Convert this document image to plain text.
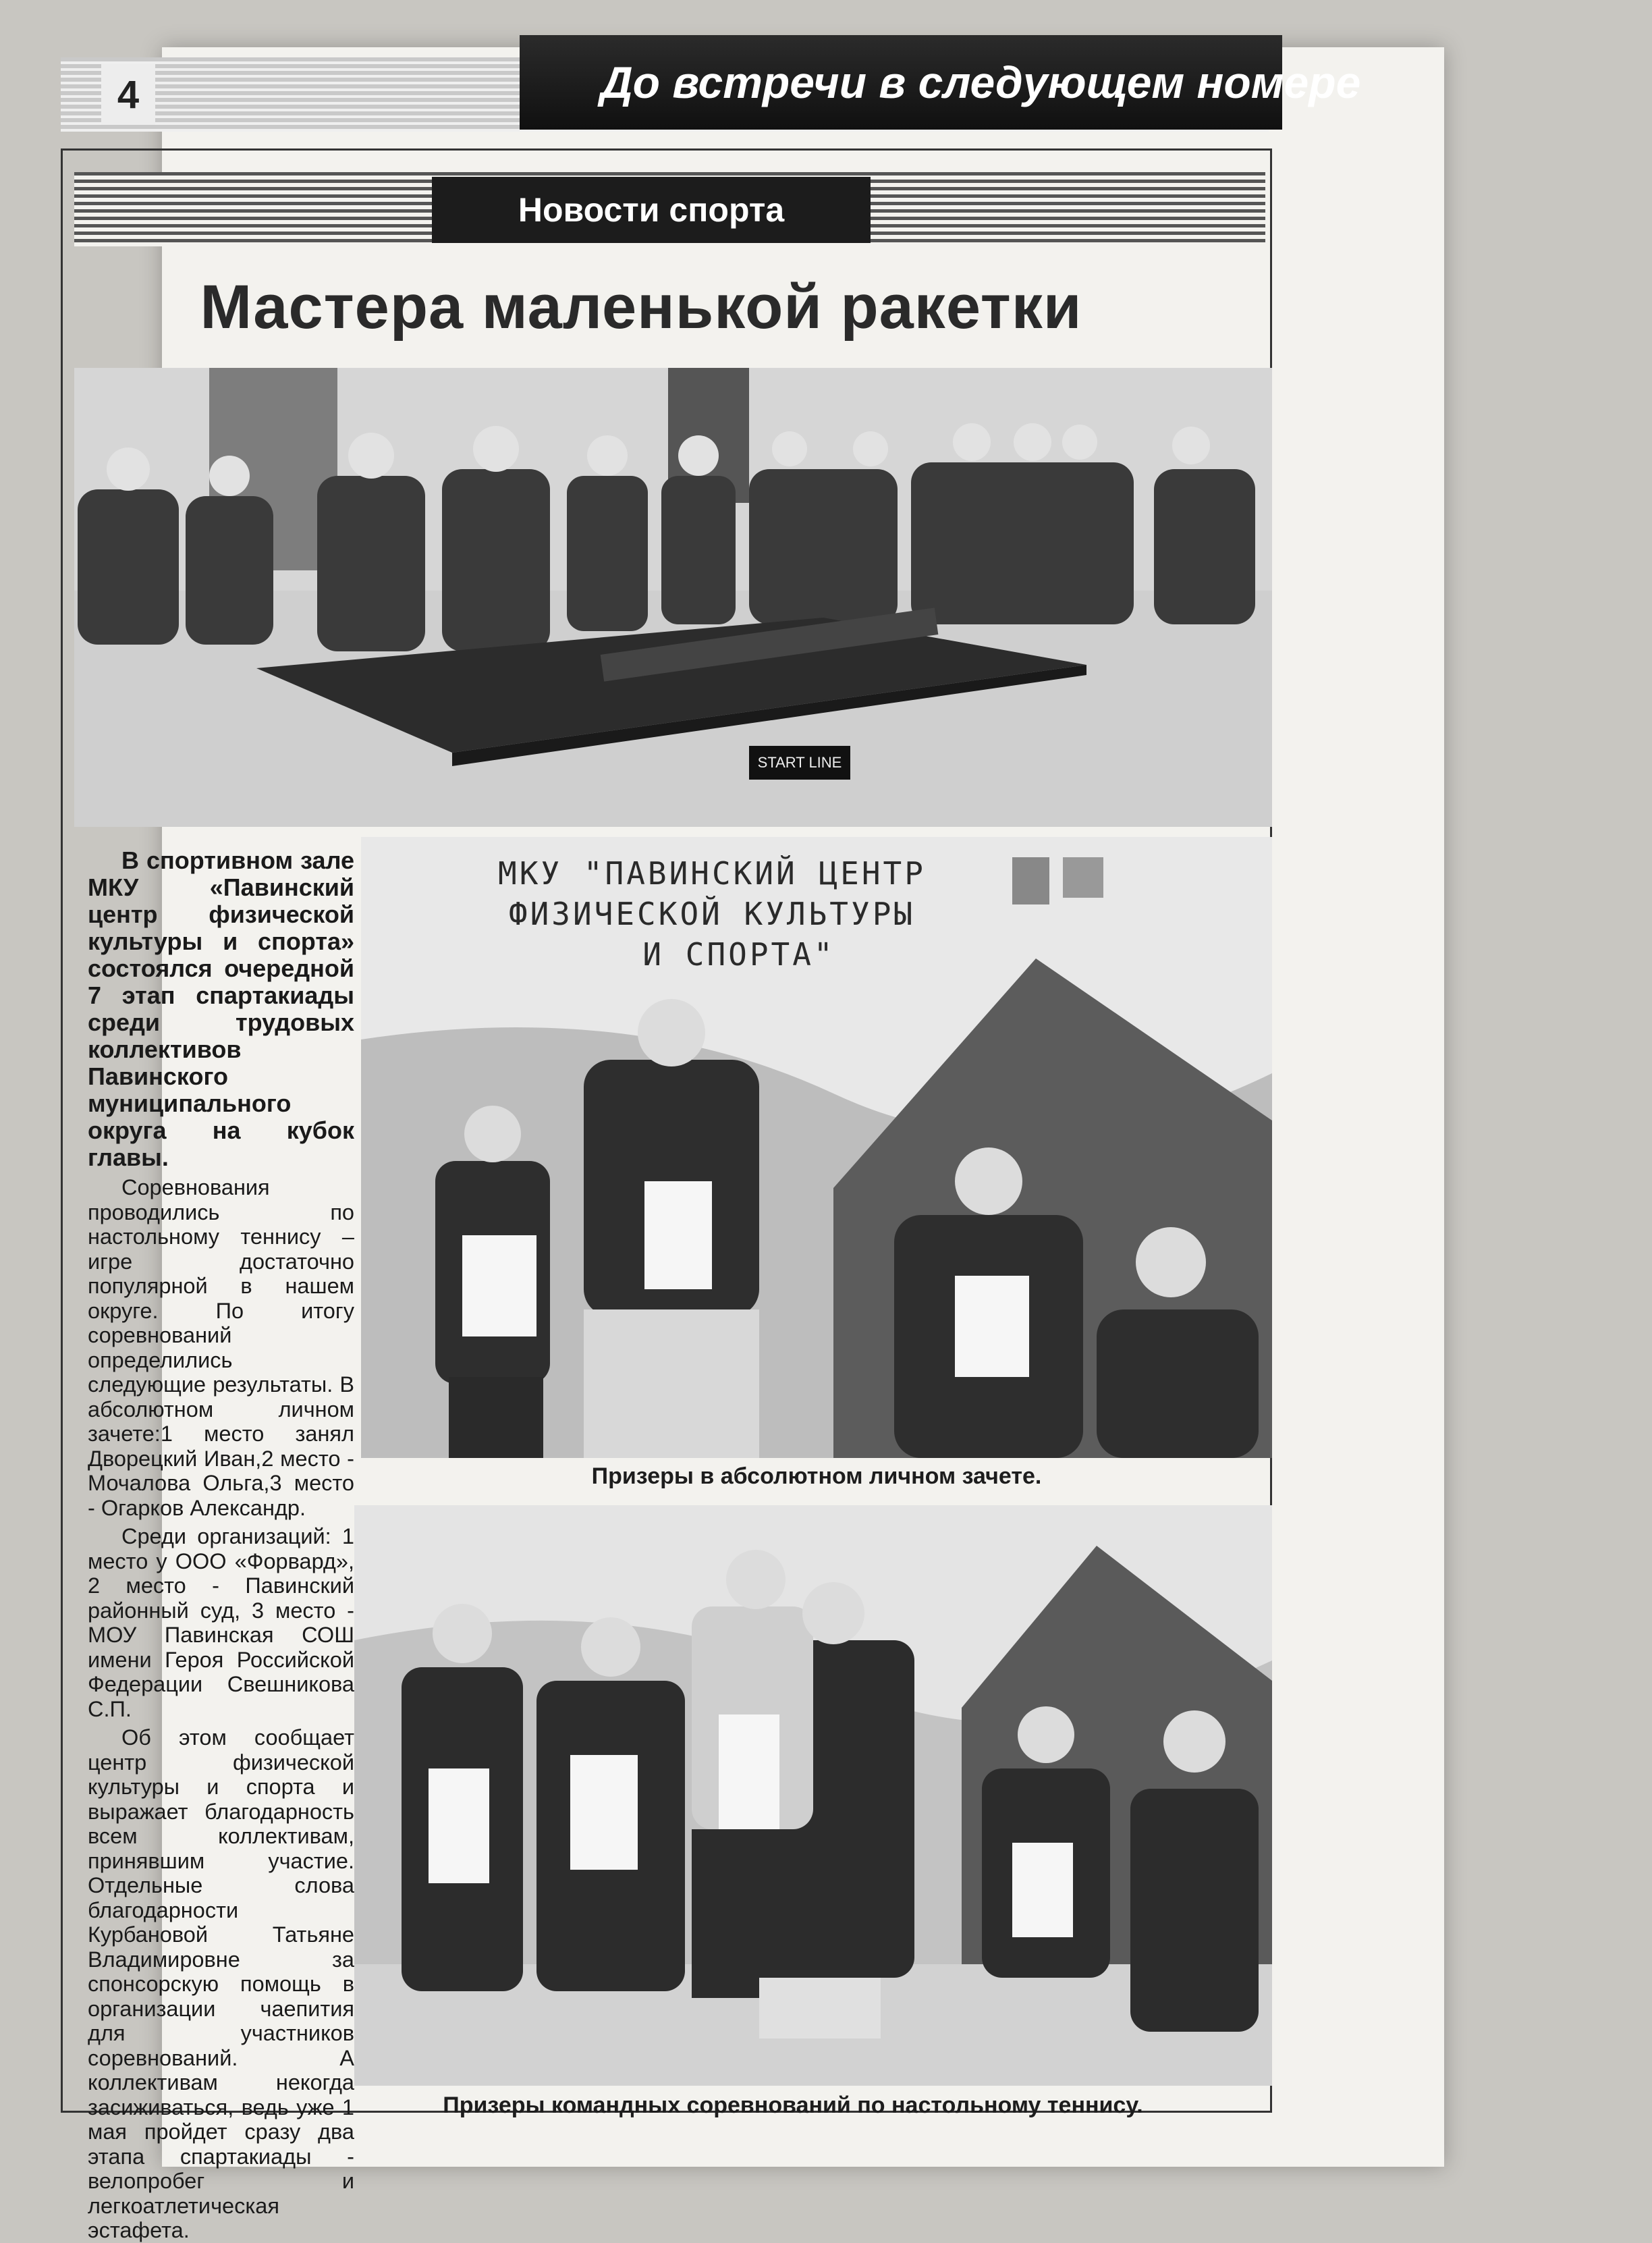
4	До встречи в следующем номере
Новости спорта
Мастера маленькой ракетки
START LINE

В спортивном зале МКУ «Павинский центр физической культуры и спорта» состоялся очередной 7 этап спартакиады среди трудовых коллективов Павинского муниципального округа на кубок главы.

Соревнования проводились по настольному теннису – игре достаточно популярной в нашем округе. По итогу соревнований определились следующие результаты. В абсолютном личном зачете:1 место занял Дворецкий Иван,2 место - Мочалова Ольга,3 место - Огарков Александр.

Среди организаций: 1 место у ООО «Форвард», 2 место - Павинский районный суд, 3 место - МОУ Павинская СОШ имени Героя Российской Федерации Свешникова С.П.

Об этом сообщает центр физической культуры и спорта и выражает благодарность всем коллективам, принявшим участие. Отдельные слова благодарности Курбановой Татьяне Владимировне за спонсорскую помощь в организации чаепития для участников соревнований. А коллективам некогда засиживаться, ведь уже 1 мая пройдет сразу два этапа спартакиады - велопробег и легкоатлетическая эстафета.

МКУ "ПАВИНСКИЙ ЦЕНТР
ФИЗИЧЕСКОЙ КУЛЬТУРЫ
И СПОРТА"
Призеры в абсолютном личном зачете.
Призеры командных соревнований по настольному теннису.
